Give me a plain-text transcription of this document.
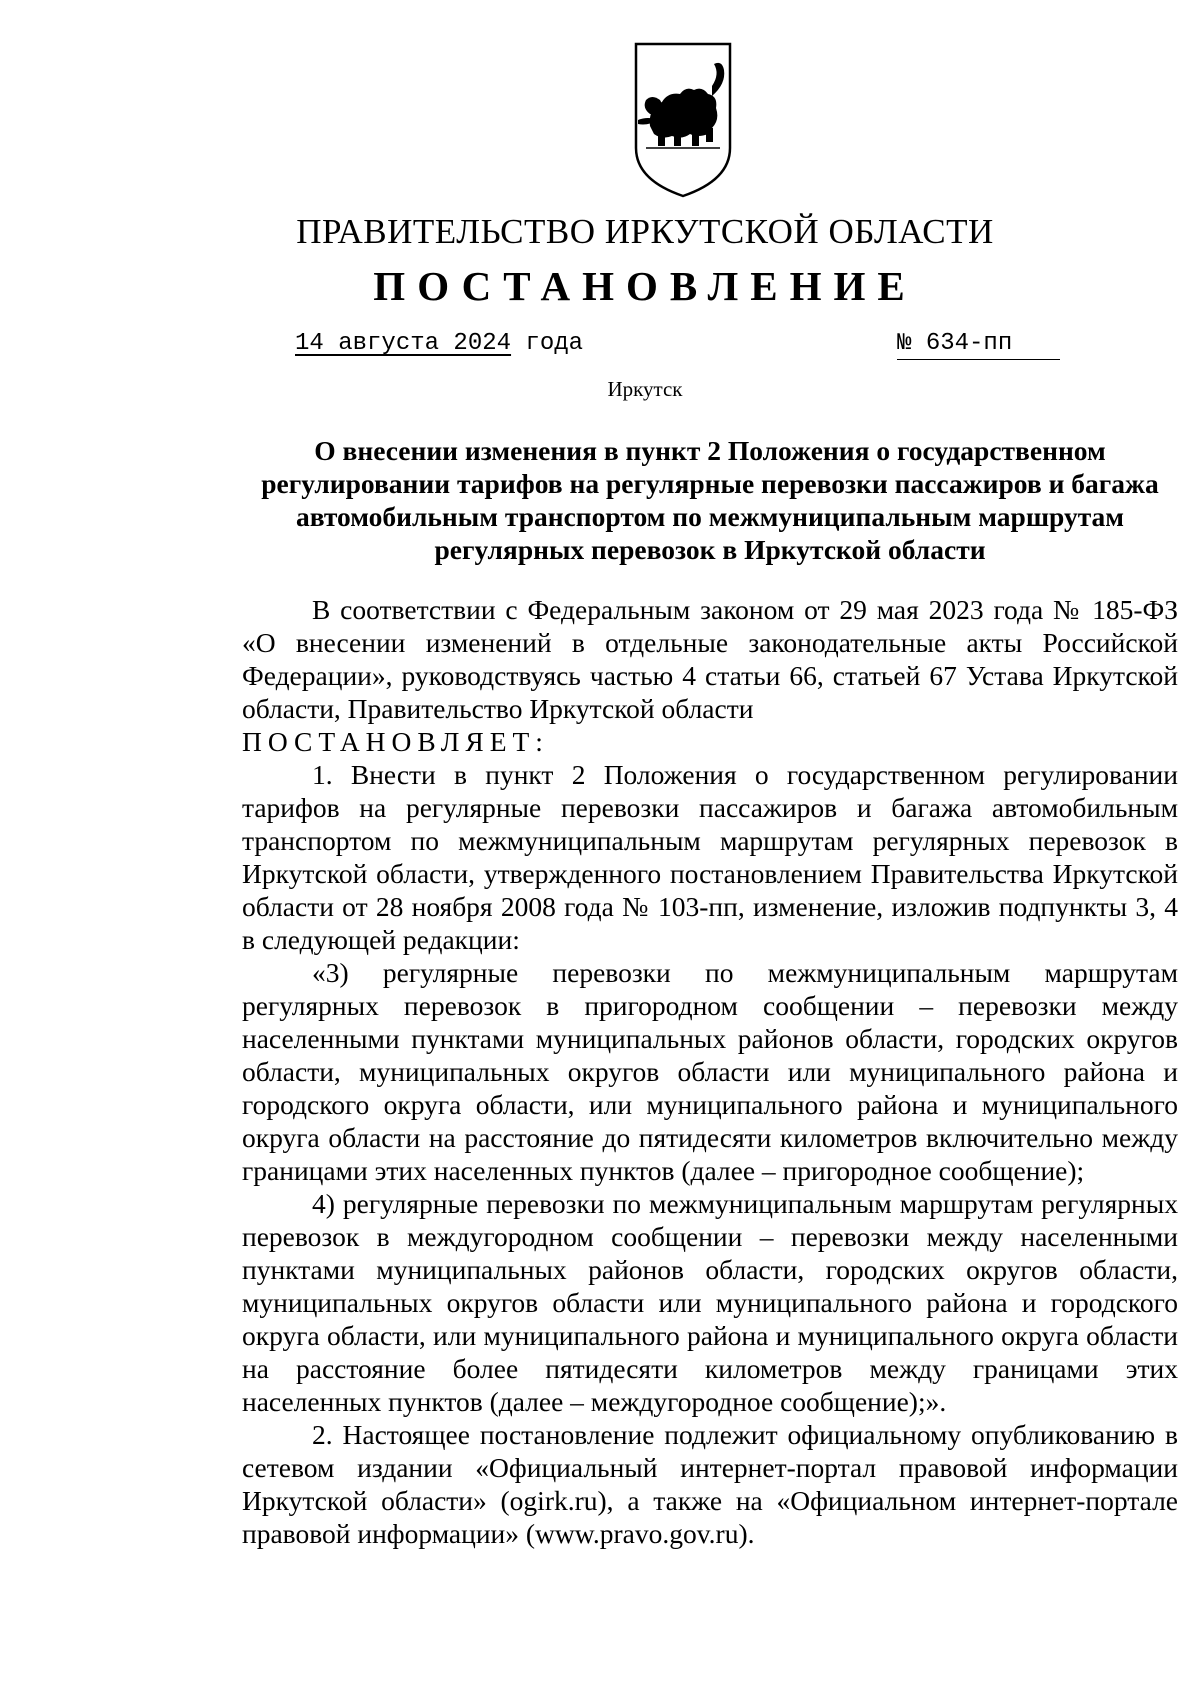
ПРАВИТЕЛЬСТВО ИРКУТСКОЙ ОБЛАСТИ
ПОСТАНОВЛЕНИЕ
14 августа 2024 года	№ 634-пп
Иркутск
О внесении изменения в пункт 2 Положения о государственном регулировании тарифов на регулярные перевозки пассажиров и багажа автомобильным транспортом по межмуниципальным маршрутам регулярных перевозок в Иркутской области

В соответствии с Федеральным законом от 29 мая 2023 года № 185-ФЗ «О внесении изменений в отдельные законодательные акты Российской Федерации», руководствуясь частью 4 статьи 66, статьей 67 Устава Иркутской области, Правительство Иркутской области

ПОСТАНОВЛЯЕТ:

1. Внести в пункт 2 Положения о государственном регулировании тарифов на регулярные перевозки пассажиров и багажа автомобильным транспортом по межмуниципальным маршрутам регулярных перевозок в Иркутской области, утвержденного постановлением Правительства Иркутской области от 28 ноября 2008 года № 103-пп, изменение, изложив подпункты 3, 4 в следующей редакции:

«3) регулярные перевозки по межмуниципальным маршрутам регулярных перевозок в пригородном сообщении – перевозки между населенными пунктами муниципальных районов области, городских округов области, муниципальных округов области или муниципального района и городского округа области, или муниципального района и муниципального округа области на расстояние до пятидесяти километров включительно между границами этих населенных пунктов (далее – пригородное сообщение);

4) регулярные перевозки по межмуниципальным маршрутам регулярных перевозок в междугородном сообщении – перевозки между населенными пунктами муниципальных районов области, городских округов области, муниципальных округов области или муниципального района и городского округа области, или муниципального района и муниципального округа области на расстояние более пятидесяти километров между границами этих населенных пунктов (далее – междугородное сообщение);».

2. Настоящее постановление подлежит официальному опубликованию в сетевом издании «Официальный интернет-портал правовой информации Иркутской области» (ogirk.ru), а также на «Официальном интернет-портале правовой информации» (www.pravo.gov.ru).
